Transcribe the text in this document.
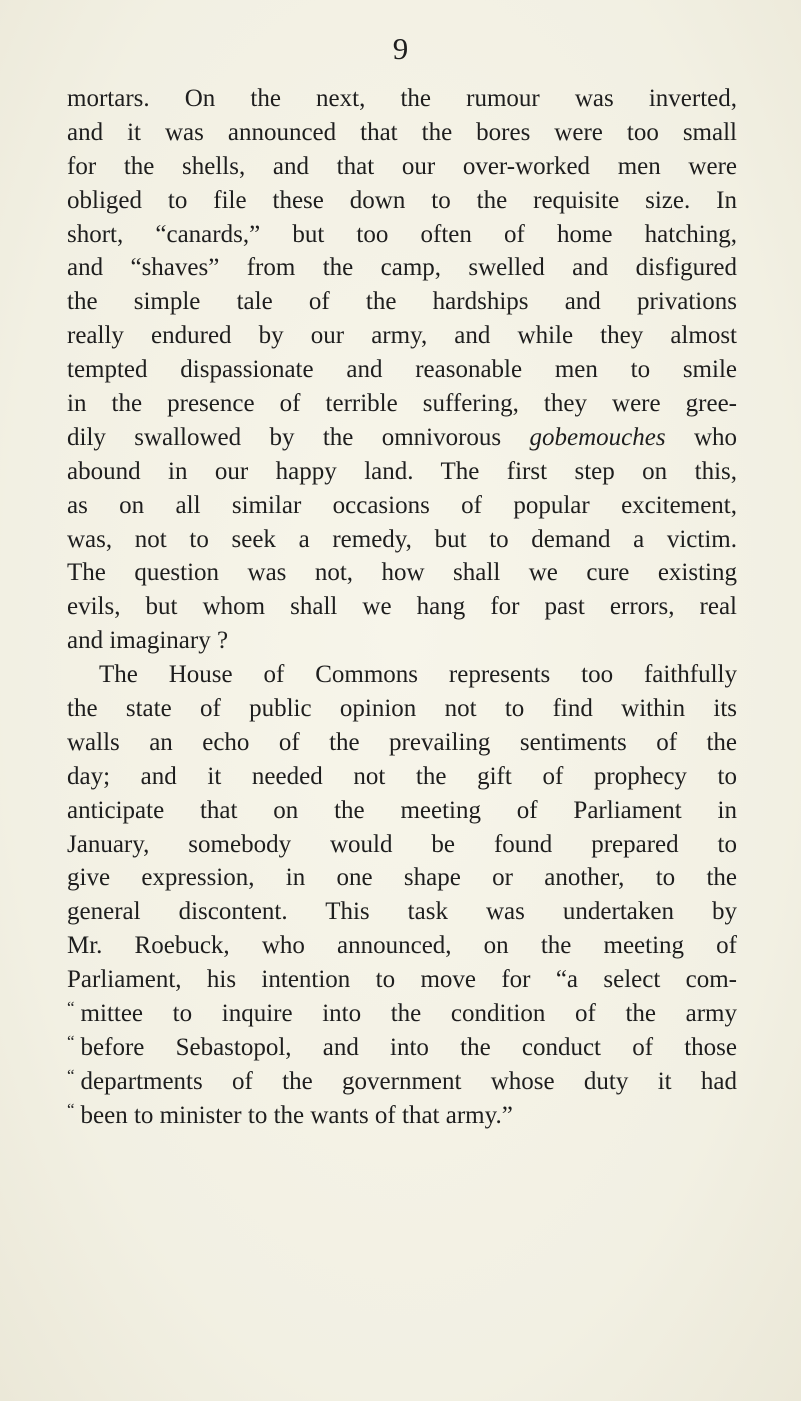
9
mortars. On the next, the rumour was inverted,
and it was announced that the bores were too small
for the shells, and that our over-worked men were
obliged to file these down to the requisite size. In
short, “canards,” but too often of home hatching,
and “shaves” from the camp, swelled and disfigured
the simple tale of the hardships and privations
really endured by our army, and while they almost
tempted dispassionate and reasonable men to smile
in the presence of terrible suffering, they were gree-
dily swallowed by the omnivorous gobemouches who
abound in our happy land. The first step on this,
as on all similar occasions of popular excitement,
was, not to seek a remedy, but to demand a victim.
The question was not, how shall we cure existing
evils, but whom shall we hang for past errors, real
and imaginary ?
The House of Commons represents too faithfully
the state of public opinion not to find within its
walls an echo of the prevailing sentiments of the
day; and it needed not the gift of prophecy to
anticipate that on the meeting of Parliament in
January, somebody would be found prepared to
give expression, in one shape or another, to the
general discontent. This task was undertaken by
Mr. Roebuck, who announced, on the meeting of
Parliament, his intention to move for “a select com-
“ mittee to inquire into the condition of the army
“ before Sebastopol, and into the conduct of those
“ departments of the government whose duty it had
“ been to minister to the wants of that army.”
